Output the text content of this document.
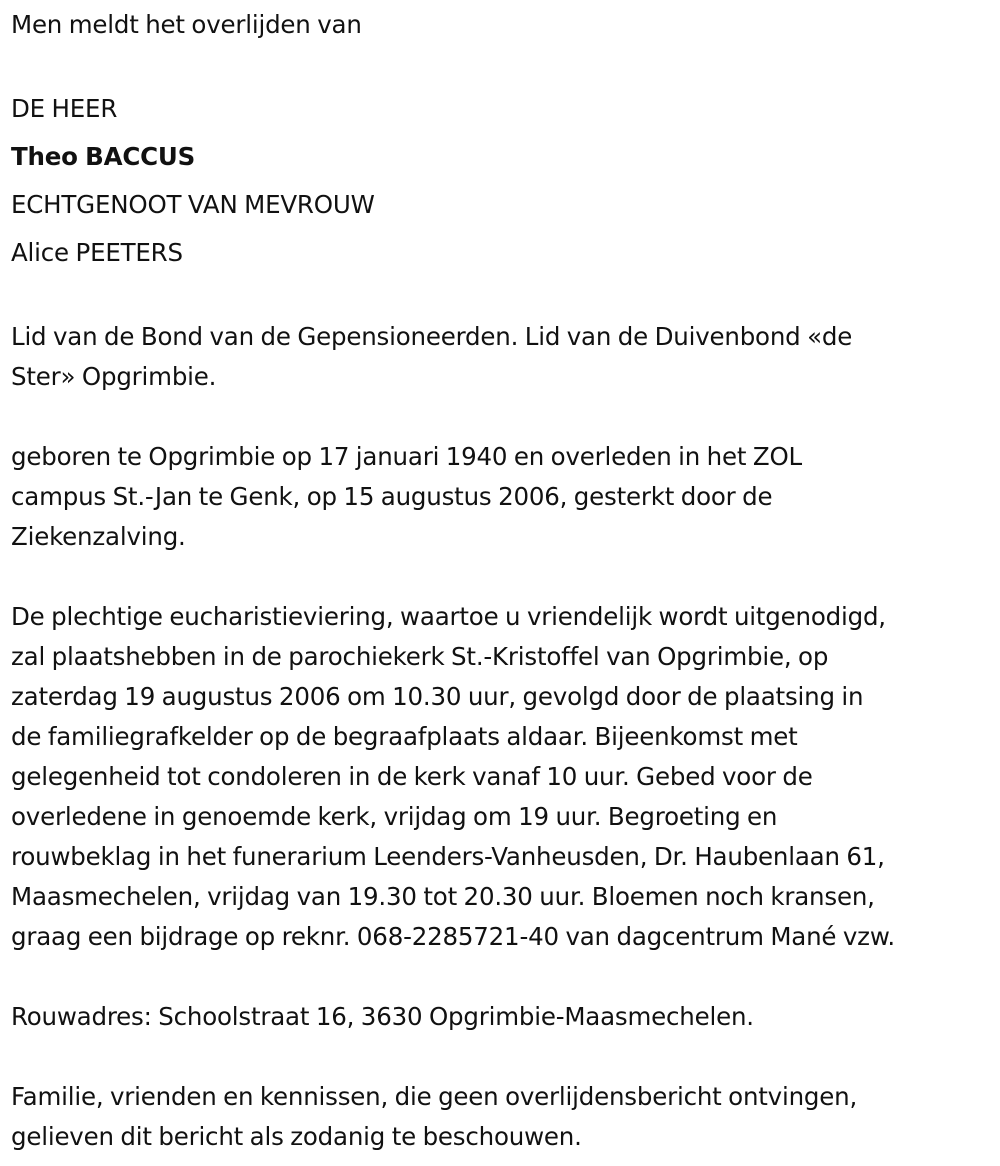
Men meldt het overlijden van

DE HEER

Theo BACCUS

ECHTGENOOT VAN MEVROUW

Alice PEETERS

Lid van de Bond van de Gepensioneerden. Lid van de Duivenbond «de
Ster» Opgrimbie.

geboren te Opgrimbie op 17 januari 1940 en overleden in het ZOL
campus St.-Jan te Genk, op 15 augustus 2006, gesterkt door de
Ziekenzalving.

De plechtige eucharistieviering, waartoe u vriendelijk wordt uitgenodigd,
zal plaatshebben in de parochiekerk St.-Kristoffel van Opgrimbie, op
zaterdag 19 augustus 2006 om 10.30 uur, gevolgd door de plaatsing in
de familiegrafkelder op de begraafplaats aldaar. Bijeenkomst met
gelegenheid tot condoleren in de kerk vanaf 10 uur. Gebed voor de
overledene in genoemde kerk, vrijdag om 19 uur. Begroeting en
rouwbeklag in het funerarium Leenders-Vanheusden, Dr. Haubenlaan 61,
Maasmechelen, vrijdag van 19.30 tot 20.30 uur. Bloemen noch kransen,
graag een bijdrage op reknr. 068-2285721-40 van dagcentrum Mané vzw.

Rouwadres: Schoolstraat 16, 3630 Opgrimbie-Maasmechelen.

Familie, vrienden en kennissen, die geen overlijdensbericht ontvingen,
gelieven dit bericht als zodanig te beschouwen.
